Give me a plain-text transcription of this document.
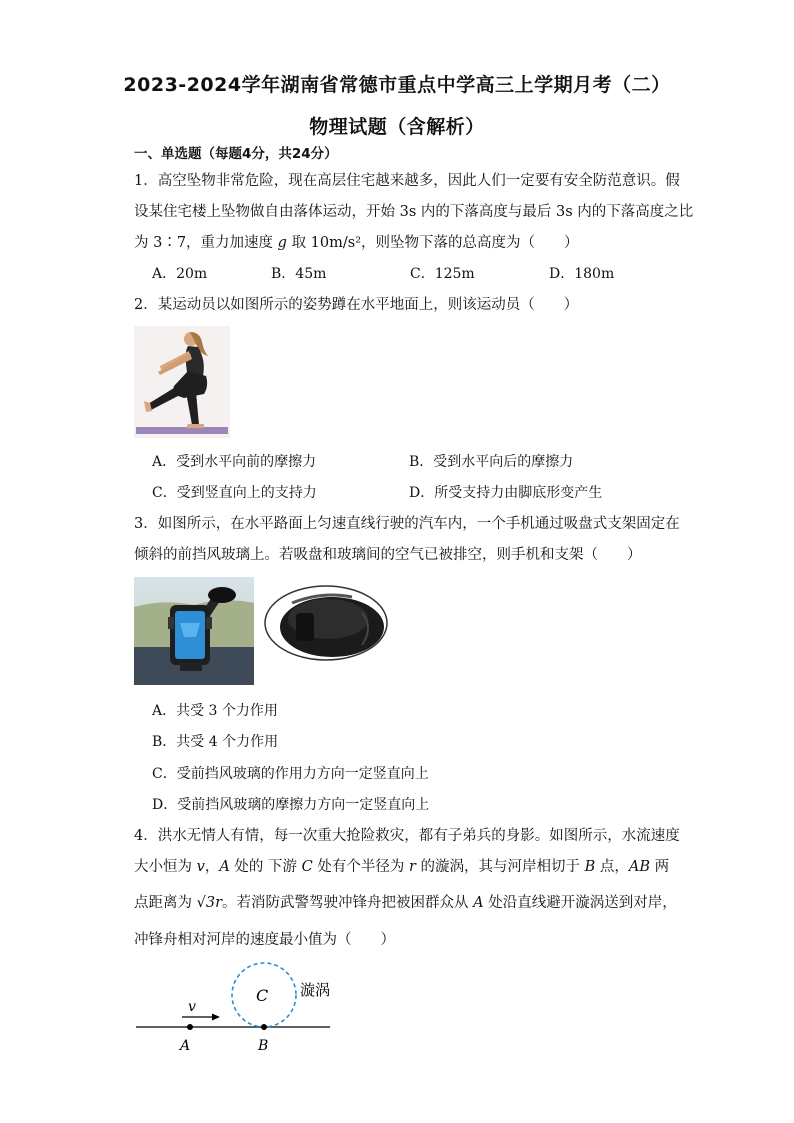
2023-2024学年湖南省常德市重点中学高三上学期月考（二）
物理试题（含解析）
一、单选题（每题4分，共24分）
1．高空坠物非常危险，现在高层住宅越来越多，因此人们一定要有安全防范意识。假
设某住宅楼上坠物做自由落体运动，开始 3s 内的下落高度与最后 3s 内的下落高度之比
为 3∶7，重力加速度 g 取 10m/s²，则坠物下落的总高度为（　　）
A．20m	B．45m	C．125m	D．180m
2．某运动员以如图所示的姿势蹲在水平地面上，则该运动员（　　）
A．受到水平向前的摩擦力	B．受到水平向后的摩擦力
C．受到竖直向上的支持力	D．所受支持力由脚底形变产生
3．如图所示，在水平路面上匀速直线行驶的汽车内，一个手机通过吸盘式支架固定在
倾斜的前挡风玻璃上。若吸盘和玻璃间的空气已被排空，则手机和支架（　　）
A．共受 3 个力作用
B．共受 4 个力作用
C．受前挡风玻璃的作用力方向一定竖直向上
D．受前挡风玻璃的摩擦力方向一定竖直向上
4．洪水无情人有情，每一次重大抢险救灾，都有子弟兵的身影。如图所示，水流速度
大小恒为 v，A 处的 下游 C 处有个半径为 r 的漩涡，其与河岸相切于 B 点，AB 两
点距离为 √3r。若消防武警驾驶冲锋舟把被困群众从 A 处沿直线避开漩涡送到对岸，
冲锋舟相对河岸的速度最小值为（　　）
v
C 漩涡
A	B
